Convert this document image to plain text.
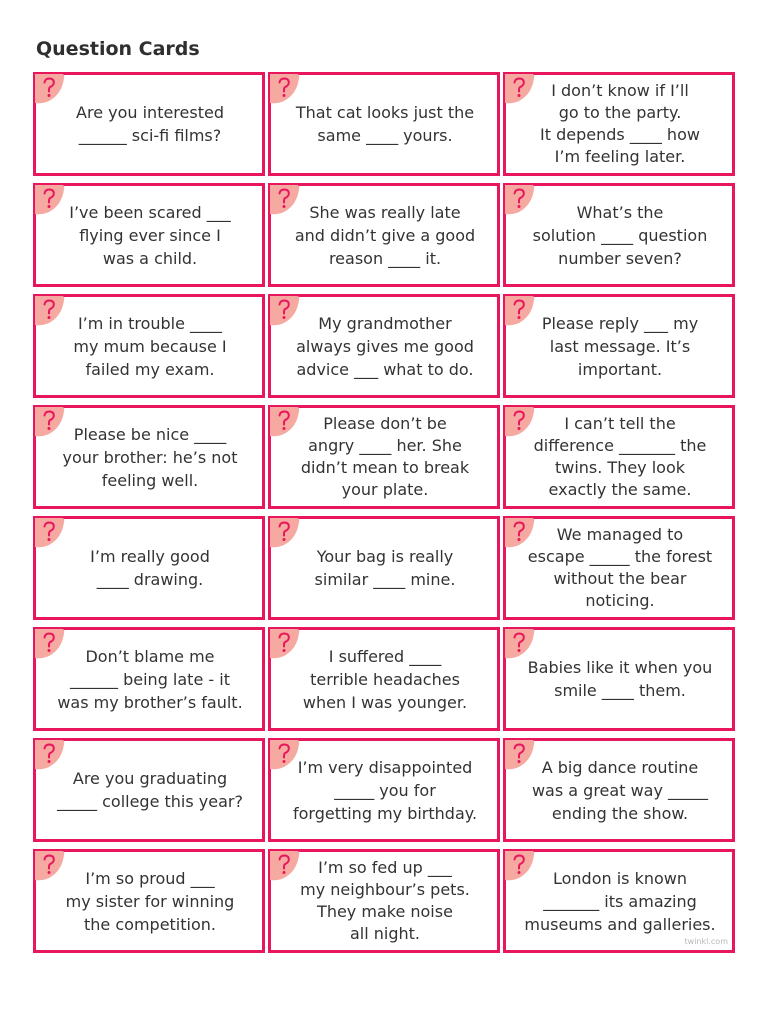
Question Cards

Are you interested
______ sci-fi films?

That cat looks just the
same ____ yours.

I don’t know if I’ll
go to the party.
It depends ____ how
I’m feeling later.

I’ve been scared ___
flying ever since I
was a child.

She was really late
and didn’t give a good
reason ____ it.

What’s the
solution ____ question
number seven?

I’m in trouble ____
my mum because I
failed my exam.

My grandmother
always gives me good
advice ___ what to do.

Please reply ___ my
last message. It’s
important.

Please be nice ____
your brother: he’s not
feeling well.

Please don’t be
angry ____ her. She
didn’t mean to break
your plate.

I can’t tell the
difference _______ the
twins. They look
exactly the same.

I’m really good
____ drawing.

Your bag is really
similar ____ mine.

We managed to
escape _____ the forest
without the bear
noticing.

Don’t blame me
______ being late - it
was my brother’s fault.

I suffered ____
terrible headaches
when I was younger.

Babies like it when you
smile ____ them.

Are you graduating
_____ college this year?

I’m very disappointed
_____ you for
forgetting my birthday.

A big dance routine
was a great way _____
ending the show.

I’m so proud ___
my sister for winning
the competition.

I’m so fed up ___
my neighbour’s pets.
They make noise
all night.

London is known
_______ its amazing
museums and galleries.

twinkl.com
